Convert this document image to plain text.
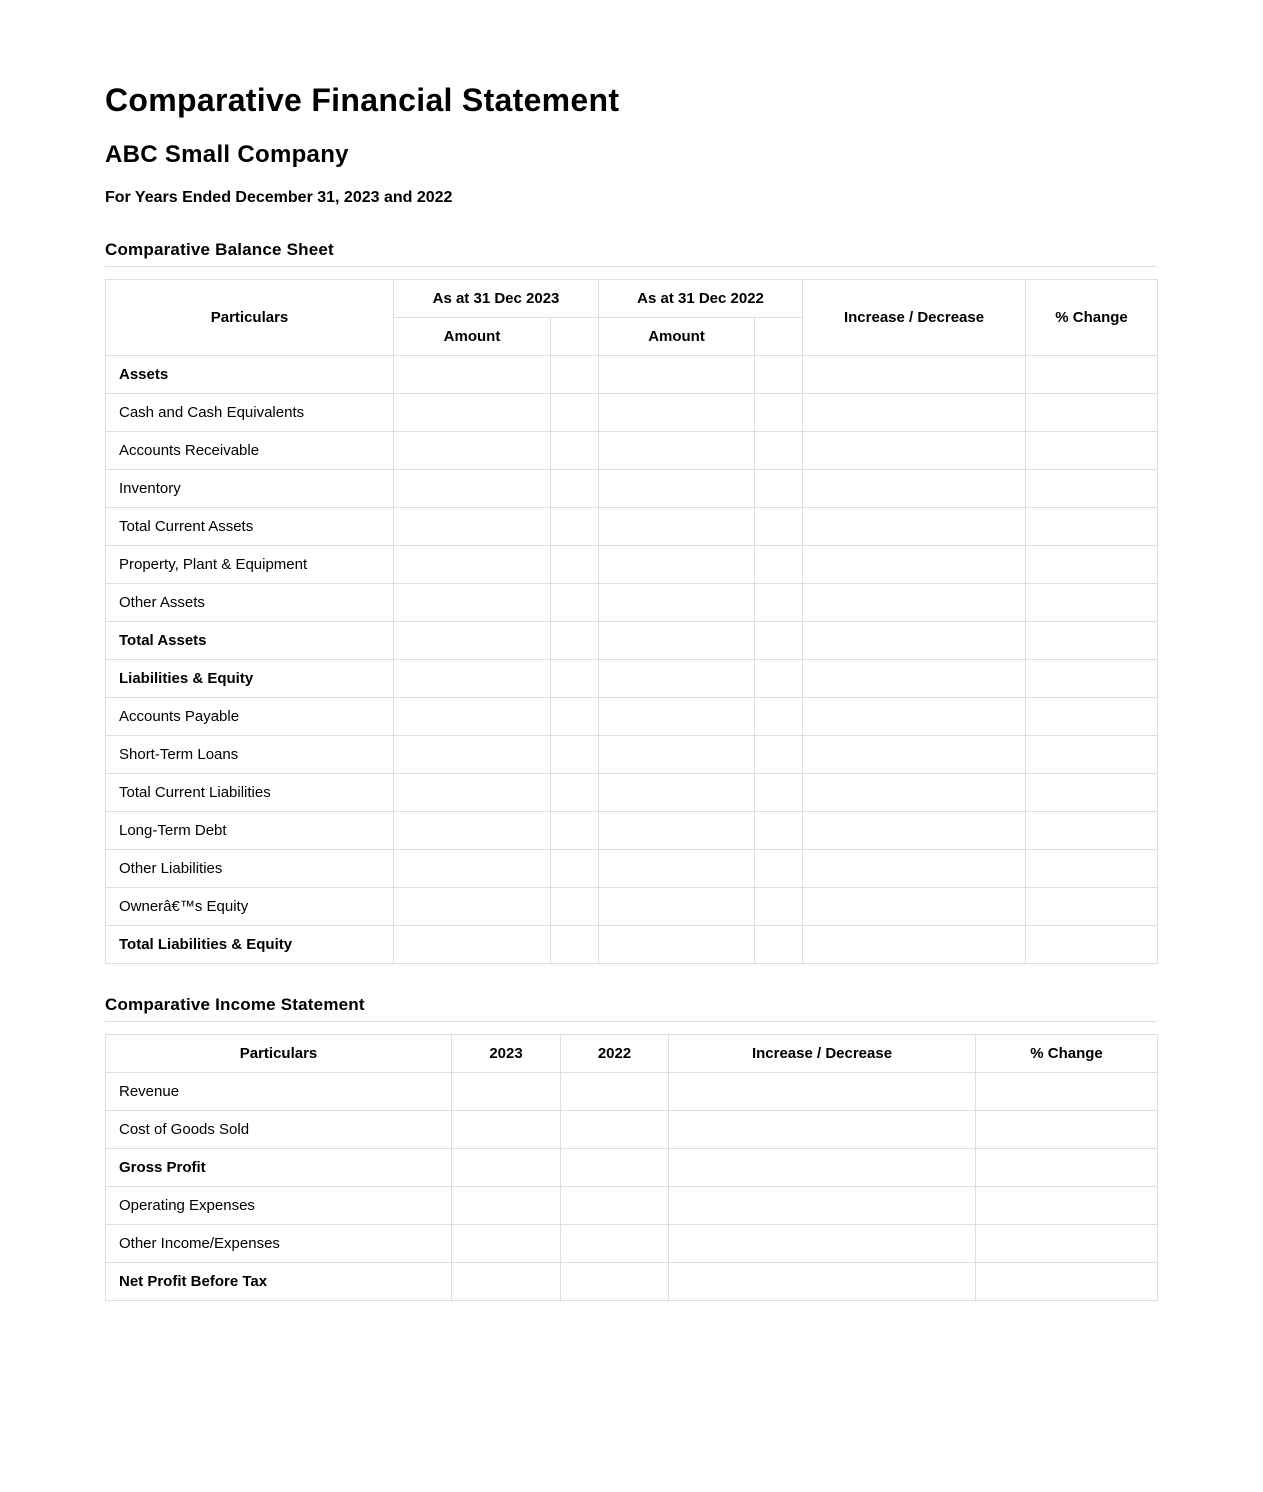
Comparative Financial Statement
ABC Small Company

For Years Ended December 31, 2023 and 2022

Comparative Balance Sheet
Particulars	As at 31 Dec 2023		As at 31 Dec 2022		Increase / Decrease	% Change
	Amount		Amount			
Assets						
Cash and Cash Equivalents						
Accounts Receivable						
Inventory						
Total Current Assets						
Property, Plant & Equipment						
Other Assets						
Total Assets						
Liabilities & Equity						
Accounts Payable						
Short-Term Loans						
Total Current Liabilities						
Long-Term Debt						
Other Liabilities						
Ownerâ€™s Equity						
Total Liabilities & Equity						
Comparative Income Statement
Particulars	2023	2022	Increase / Decrease	% Change
Revenue				
Cost of Goods Sold				
Gross Profit				
Operating Expenses				
Other Income/Expenses				
Net Profit Before Tax				
